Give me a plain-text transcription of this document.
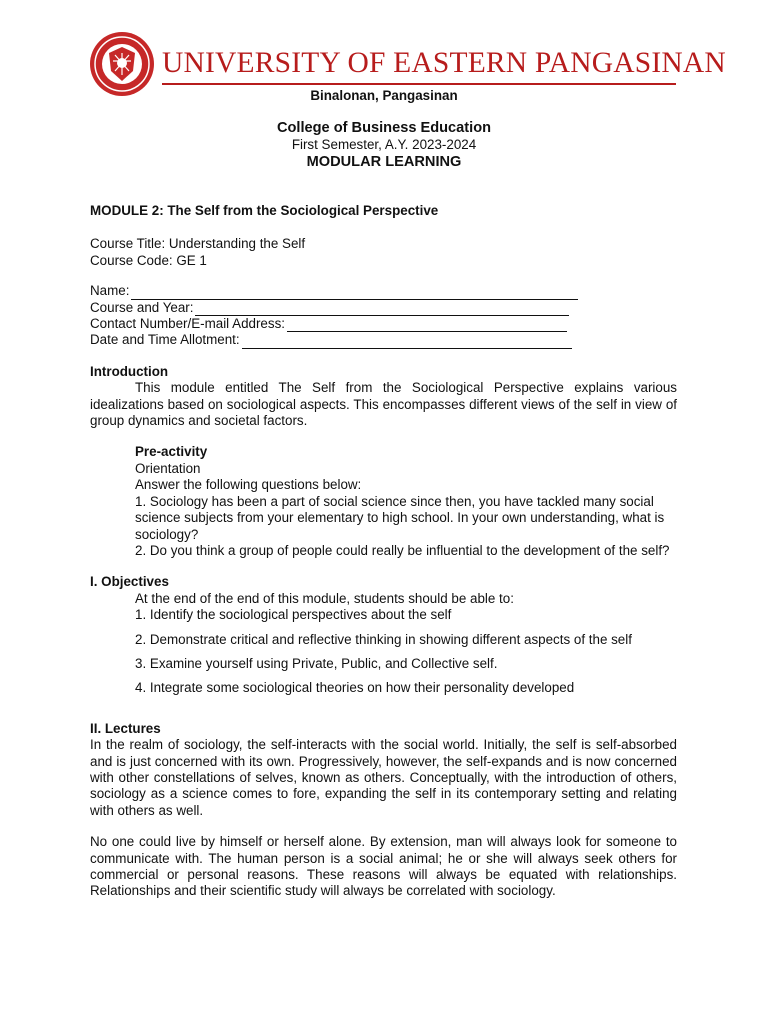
UNIVERSITY OF EASTERN PANGASINAN
Binalonan, Pangasinan
College of Business Education
First Semester, A.Y. 2023-2024
MODULAR LEARNING

MODULE 2: The Self from the Sociological Perspective

Course Title: Understanding the Self

Course Code: GE 1

Name:
Course and Year:
Contact Number/E-mail Address:
Date and Time Allotment:

Introduction

This module entitled The Self from the Sociological Perspective explains various idealizations based on sociological aspects. This encompasses different views of the self in view of group dynamics and societal factors.

Pre-activity

Orientation

Answer the following questions below:

1. Sociology has been a part of social science since then, you have tackled many social science subjects from your elementary to high school. In your own understanding, what is sociology?

2. Do you think a group of people could really be influential to the development of the self?

I. Objectives

At the end of the end of this module, students should be able to:

1. Identify the sociological perspectives about the self

2. Demonstrate critical and reflective thinking in showing different aspects of the self

3. Examine yourself using Private, Public, and Collective self.

4. Integrate some sociological theories on how their personality developed

II. Lectures

In the realm of sociology, the self-interacts with the social world. Initially, the self is self-absorbed and is just concerned with its own. Progressively, however, the self-expands and is now concerned with other constellations of selves, known as others. Conceptually, with the introduction of others, sociology as a science comes to fore, expanding the self in its contemporary setting and relating with others as well.

No one could live by himself or herself alone. By extension, man will always look for someone to communicate with. The human person is a social animal; he or she will always seek others for commercial or personal reasons. These reasons will always be equated with relationships. Relationships and their scientific study will always be correlated with sociology.
